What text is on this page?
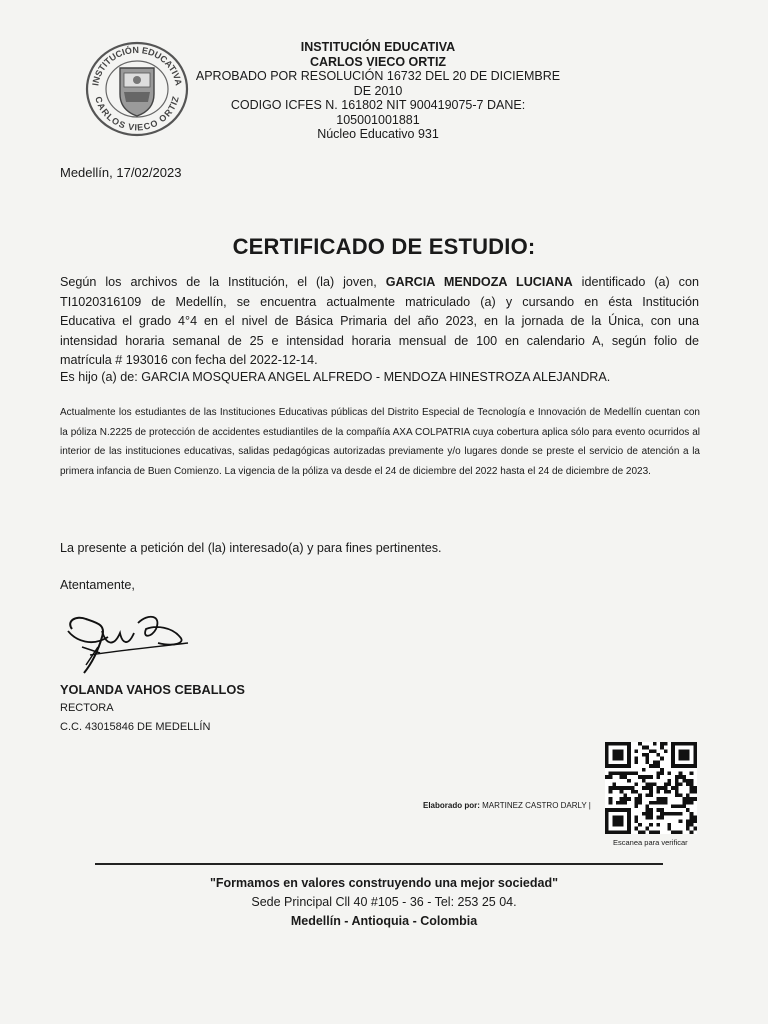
INSTITUCIÓN EDUCATIVA
CARLOS VIECO ORTIZ
INSTITUCIÓN EDUCATIVA
CARLOS VIECO ORTIZ
APROBADO POR RESOLUCIÓN 16732 DEL 20 DE DICIEMBRE
DE 2010
CODIGO ICFES N. 161802 NIT 900419075-7 DANE:
105001001881
Núcleo Educativo 931
Medellín, 17/02/2023
CERTIFICADO DE ESTUDIO:
Según los archivos de la Institución, el (la) joven, GARCIA MENDOZA LUCIANA identificado (a) con
TI1020316109 de Medellín, se encuentra actualmente matriculado (a) y cursando en ésta Institución
Educativa el grado 4°4 en el nivel de Básica Primaria del año 2023, en la jornada de la Única, con una
intensidad horaria semanal de 25 e intensidad horaria mensual de 100 en calendario A, según folio de
matrícula # 193016 con fecha del 2022-12-14.
Es hijo (a) de: GARCIA MOSQUERA ANGEL ALFREDO - MENDOZA HINESTROZA ALEJANDRA.
Actualmente los estudiantes de las Instituciones Educativas públicas del Distrito Especial de Tecnología e Innovación de Medellín cuentan con la póliza N.2225 de protección de accidentes estudiantiles de la compañía AXA COLPATRIA cuya cobertura aplica sólo para evento ocurridos al interior de las instituciones educativas, salidas pedagógicas autorizadas previamente y/o lugares donde se preste el servicio de atención a la primera infancia de Buen Comienzo. La vigencia de la póliza va desde el 24 de diciembre del 2022 hasta el 24 de diciembre de 2023.
La presente a petición del (la) interesado(a) y para fines pertinentes.
Atentamente,
YOLANDA VAHOS CEBALLOS
RECTORA
C.C. 43015846 DE MEDELLÍN
Elaborado por: MARTINEZ CASTRO DARLY |
Escanea para verificar
"Formamos en valores construyendo una mejor sociedad"
Sede Principal Cll 40 #105 - 36 - Tel: 253 25 04.
Medellín - Antioquia - Colombia
